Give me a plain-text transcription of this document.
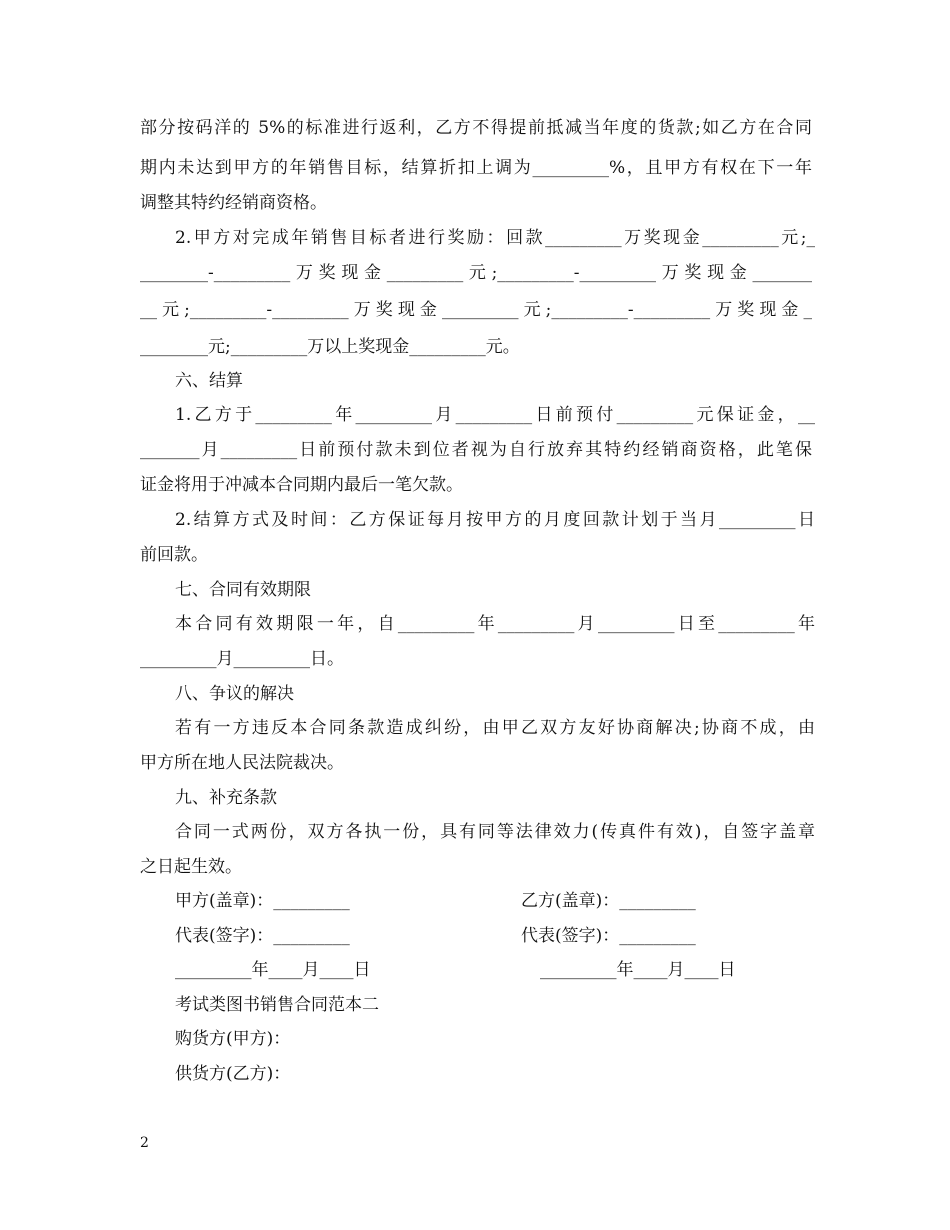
部分按码洋的 5%的标准进行返利，乙方不得提前抵减当年度的货款;如乙方在合同
期内未达到甲方的年销售目标，结算折扣上调为_________%，且甲方有权在下一年
调整其特约经销商资格。
2.甲方对完成年销售目标者进行奖励：回款_________万奖现金_________元;_
________-_________万奖现金_________元;_________-_________万奖现金_______
__元;_________-_________万奖现金_________元;_________-_________万奖现金_
________元;_________万以上奖现金_________元。
六、结算
1.乙方于_________年_________月_________日前预付_________元保证金，__
_______月_________日前预付款未到位者视为自行放弃其特约经销商资格，此笔保
证金将用于冲减本合同期内最后一笔欠款。
2.结算方式及时间：乙方保证每月按甲方的月度回款计划于当月_________日
前回款。
七、合同有效期限
本合同有效期限一年，自_________年_________月_________日至_________年
_________月_________日。
八、争议的解决
若有一方违反本合同条款造成纠纷，由甲乙双方友好协商解决;协商不成，由
甲方所在地人民法院裁决。
九、补充条款
合同一式两份，双方各执一份，具有同等法律效力(传真件有效)，自签字盖章
之日起生效。
甲方(盖章)：_________	乙方(盖章)：_________
代表(签字)：_________	代表(签字)：_________
_________年____月____日	_________年____月____日
考试类图书销售合同范本二
购货方(甲方)：
供货方(乙方)：
2
